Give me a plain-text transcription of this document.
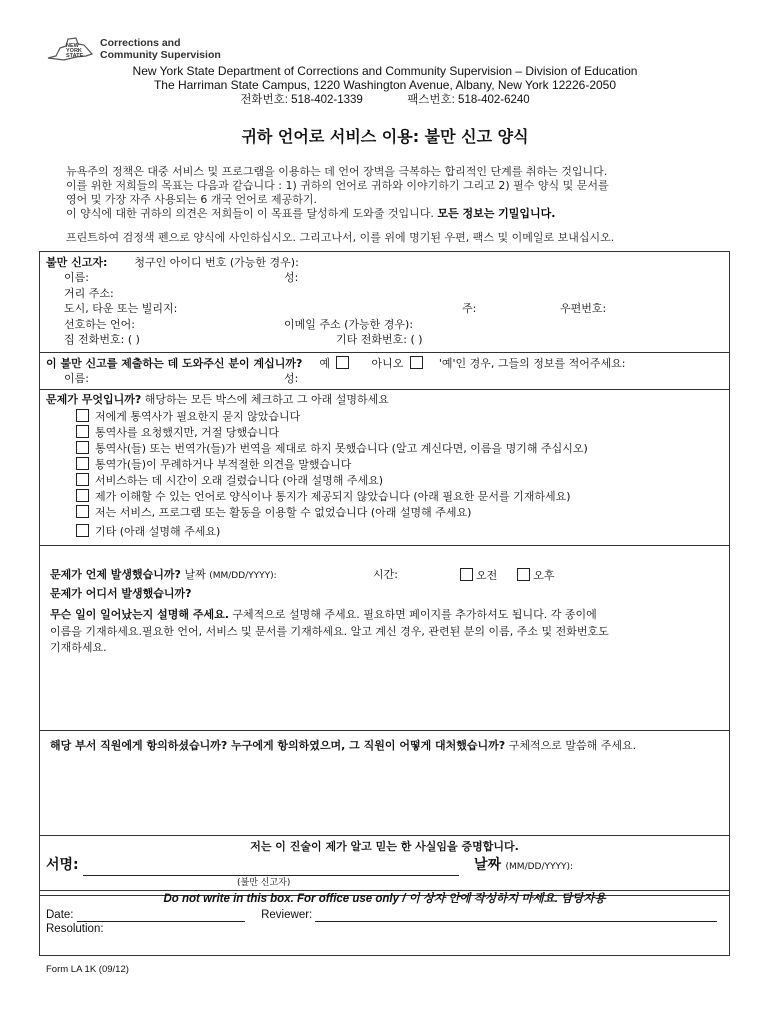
NEW
YORK
STATE
Corrections and
Community Supervision
New York State Department of Corrections and Community Supervision – Division of Education
The Harriman State Campus, 1220 Washington Avenue, Albany, New York 12226-2050
전화번호: 518-402-1339	팩스번호: 518-402-6240
귀하 언어로 서비스 이용: 불만 신고 양식
뉴욕주의 정책은 대중 서비스 및 프로그램을 이용하는 데 언어 장벽을 극복하는 합리적인 단계를 취하는 것입니다.
이를 위한 저희들의 목표는 다음과 같습니다 : 1) 귀하의 언어로 귀하와 이야기하기 그리고 2) 필수 양식 및 문서를
영어 및 가장 자주 사용되는 6 개국 언어로 제공하기.
이 양식에 대한 귀하의 의견은 저희들이 이 목표를 달성하게 도와줄 것입니다. 모든 정보는 기밀입니다.
프린트하여 검정색 펜으로 양식에 사인하십시오. 그리고나서, 이를 위에 명기된 우편, 팩스 및 이메일로 보내십시오.
불만 신고자: 청구인 아이디 번호 (가능한 경우):
이름:	성:
거리 주소:
도시, 타운 또는 빌리지:	주:	우편번호:
선호하는 언어:	이메일 주소 (가능한 경우):
집 전화번호: ( )	기타 전화번호: ( )
이 불만 신고를 제출하는 데 도와주신 분이 계십니까? 예	아니오	'예'인 경우, 그들의 정보를 적어주세요:
이름:	성:
문제가 무엇입니까? 해당하는 모든 박스에 체크하고 그 아래 설명하세요
저에게 통역사가 필요한지 묻지 않았습니다
통역사를 요청했지만, 거절 당했습니다
통역사(들) 또는 번역가(들)가 번역을 제대로 하지 못했습니다 (알고 계신다면, 이름을 명기해 주십시오)
통역가(들)이 무례하거나 부적절한 의견을 말했습니다
서비스하는 데 시간이 오래 걸렸습니다 (아래 설명해 주세요)
제가 이해할 수 있는 언어로 양식이나 통지가 제공되지 않았습니다 (아래 필요한 문서를 기재하세요)
저는 서비스, 프로그램 또는 활동을 이용할 수 없었습니다 (아래 설명해 주세요)
기타 (아래 설명해 주세요)
문제가 언제 발생했습니까? 날짜 (MM/DD/YYYY):	시간:	오전	오후
문제가 어디서 발생했습니까?
무슨 일이 일어났는지 설명해 주세요. 구체적으로 설명해 주세요. 필요하면 페이지를 추가하셔도 됩니다. 각 종이에
이름을 기재하세요.필요한 언어, 서비스 및 문서를 기재하세요. 알고 계신 경우, 관련된 분의 이름, 주소 및 전화번호도
기재하세요.
해당 부서 직원에게 항의하셨습니까? 누구에게 항의하였으며, 그 직원이 어떻게 대처했습니까? 구체적으로 말씀해 주세요.
저는 이 진술이 제가 알고 믿는 한 사실임을 증명합니다.
서명:	날짜 (MM/DD/YYYY):
(불만 신고자)
Do not write in this box. For office use only / 이 상자 안에 작성하지 마세요. 담당자용
Date:	Reviewer:
Resolution:
Form LA 1K (09/12)
